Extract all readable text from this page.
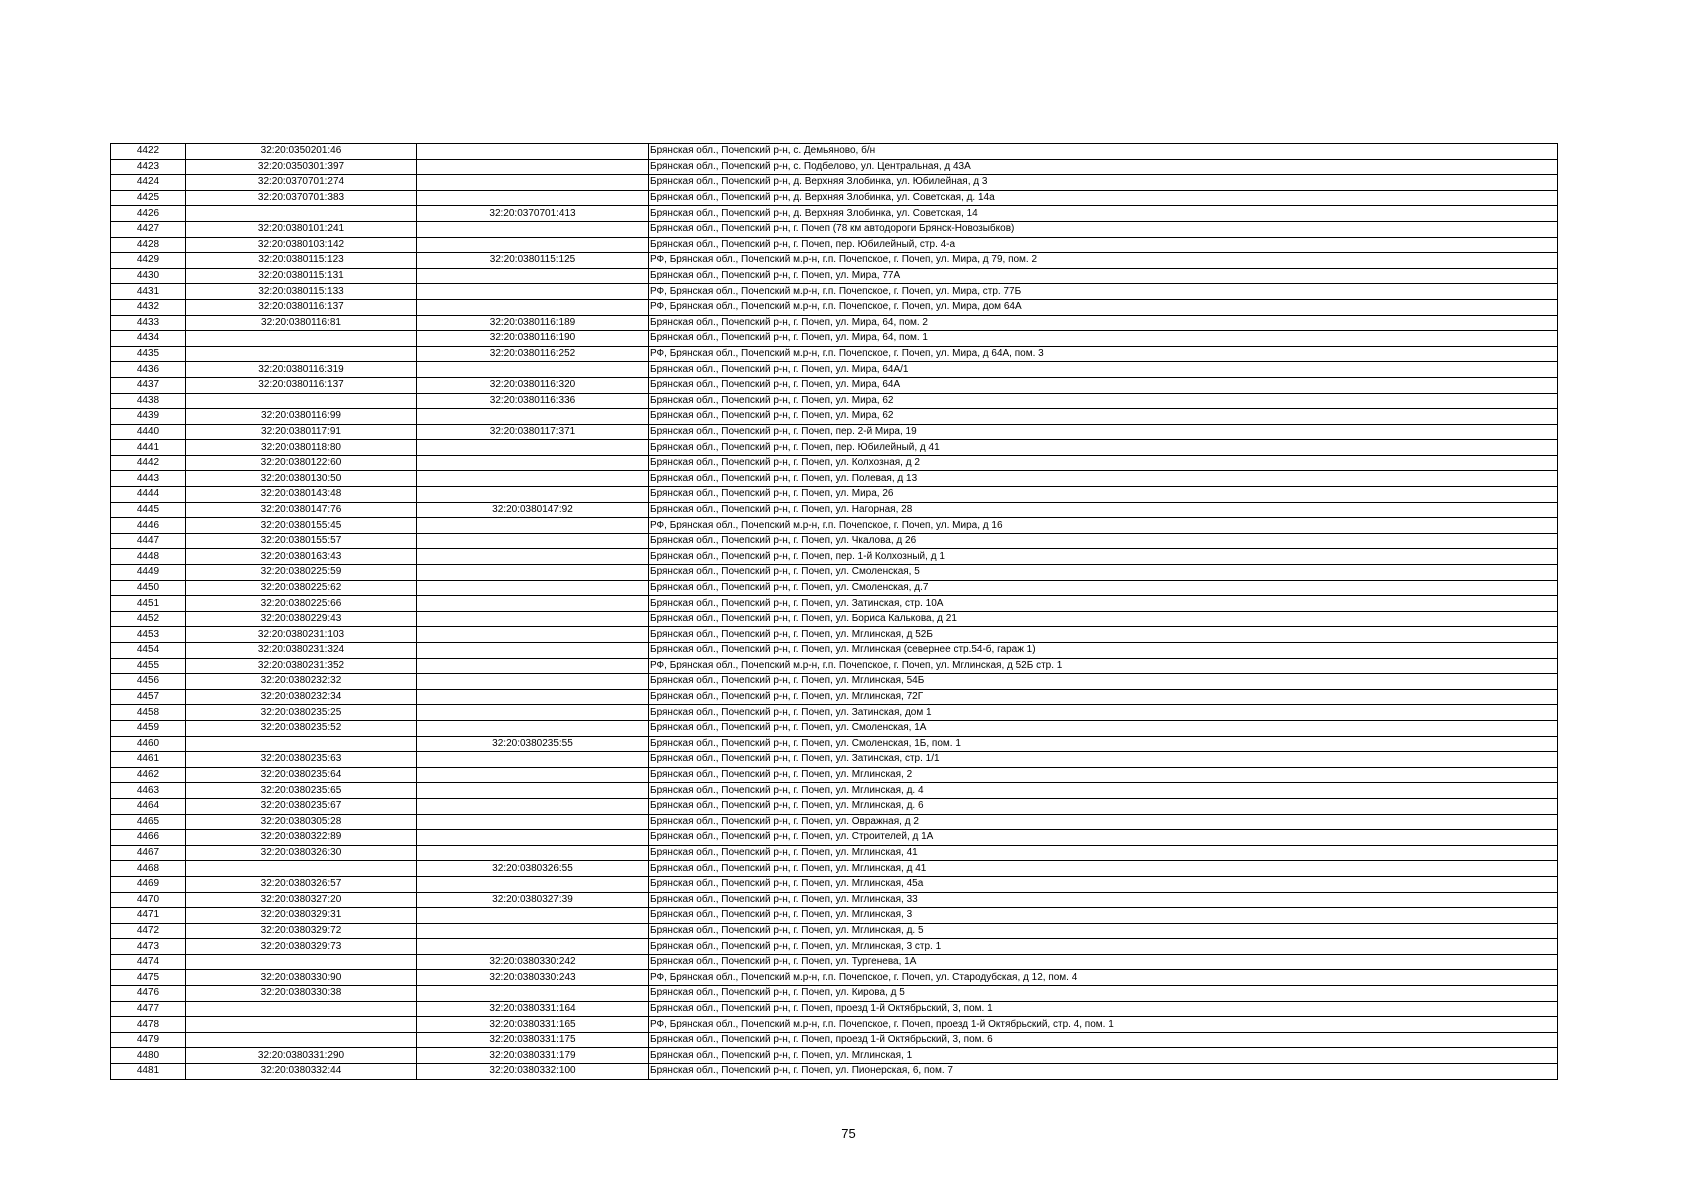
4422	32:20:0350201:46		Брянская обл., Почепский р-н, с. Демьяново, б/н
4423	32:20:0350301:397		Брянская обл., Почепский р-н, с. Подбелово, ул. Центральная, д 43А
4424	32:20:0370701:274		Брянская обл., Почепский р-н, д. Верхняя Злобинка, ул. Юбилейная, д 3
4425	32:20:0370701:383		Брянская обл., Почепский р-н, д. Верхняя Злобинка, ул. Советская, д. 14а
4426		32:20:0370701:413	Брянская обл., Почепский р-н, д. Верхняя Злобинка, ул. Советская, 14
4427	32:20:0380101:241		Брянская обл., Почепский р-н, г. Почеп (78 км автодороги Брянск-Новозыбков)
4428	32:20:0380103:142		Брянская обл., Почепский р-н, г. Почеп, пер. Юбилейный, стр. 4-а
4429	32:20:0380115:123	32:20:0380115:125	РФ, Брянская обл., Почепский м.р-н, г.п. Почепское, г. Почеп, ул. Мира, д 79, пом. 2
4430	32:20:0380115:131		Брянская обл., Почепский р-н, г. Почеп, ул. Мира, 77А
4431	32:20:0380115:133		РФ, Брянская обл., Почепский м.р-н, г.п. Почепское, г. Почеп, ул. Мира, стр. 77Б
4432	32:20:0380116:137		РФ, Брянская обл., Почепский м.р-н, г.п. Почепское, г. Почеп, ул. Мира, дом 64А
4433	32:20:0380116:81	32:20:0380116:189	Брянская обл., Почепский р-н, г. Почеп, ул. Мира, 64, пом. 2
4434		32:20:0380116:190	Брянская обл., Почепский р-н, г. Почеп, ул. Мира, 64, пом. 1
4435		32:20:0380116:252	РФ, Брянская обл., Почепский м.р-н, г.п. Почепское, г. Почеп, ул. Мира, д 64А, пом. 3
4436	32:20:0380116:319		Брянская обл., Почепский р-н, г. Почеп, ул. Мира, 64А/1
4437	32:20:0380116:137	32:20:0380116:320	Брянская обл., Почепский р-н, г. Почеп, ул. Мира, 64А
4438		32:20:0380116:336	Брянская обл., Почепский р-н, г. Почеп, ул. Мира, 62
4439	32:20:0380116:99		Брянская обл., Почепский р-н, г. Почеп, ул. Мира, 62
4440	32:20:0380117:91	32:20:0380117:371	Брянская обл., Почепский р-н, г. Почеп, пер. 2-й Мира, 19
4441	32:20:0380118:80		Брянская обл., Почепский р-н, г. Почеп, пер. Юбилейный, д 41
4442	32:20:0380122:60		Брянская обл., Почепский р-н, г. Почеп, ул. Колхозная, д 2
4443	32:20:0380130:50		Брянская обл., Почепский р-н, г. Почеп, ул. Полевая, д 13
4444	32:20:0380143:48		Брянская обл., Почепский р-н, г. Почеп, ул. Мира, 26
4445	32:20:0380147:76	32:20:0380147:92	Брянская обл., Почепский р-н, г. Почеп, ул. Нагорная, 28
4446	32:20:0380155:45		РФ, Брянская обл., Почепский м.р-н, г.п. Почепское, г. Почеп, ул. Мира, д 16
4447	32:20:0380155:57		Брянская обл., Почепский р-н, г. Почеп, ул. Чкалова, д 26
4448	32:20:0380163:43		Брянская обл., Почепский р-н, г. Почеп, пер. 1-й Колхозный, д 1
4449	32:20:0380225:59		Брянская обл., Почепский р-н, г. Почеп, ул. Смоленская, 5
4450	32:20:0380225:62		Брянская обл., Почепский р-н, г. Почеп, ул. Смоленская, д.7
4451	32:20:0380225:66		Брянская обл., Почепский р-н, г. Почеп, ул. Затинская, стр. 10А
4452	32:20:0380229:43		Брянская обл., Почепский р-н, г. Почеп, ул. Бориса Калькова, д 21
4453	32:20:0380231:103		Брянская обл., Почепский р-н, г. Почеп, ул. Мглинская, д 52Б
4454	32:20:0380231:324		Брянская обл., Почепский р-н, г. Почеп, ул. Мглинская (севернее стр.54-б, гараж 1)
4455	32:20:0380231:352		РФ, Брянская обл., Почепский м.р-н, г.п. Почепское, г. Почеп, ул. Мглинская, д 52Б стр. 1
4456	32:20:0380232:32		Брянская обл., Почепский р-н, г. Почеп, ул. Мглинская, 54Б
4457	32:20:0380232:34		Брянская обл., Почепский р-н, г. Почеп, ул. Мглинская, 72Г
4458	32:20:0380235:25		Брянская обл., Почепский р-н, г. Почеп, ул. Затинская, дом 1
4459	32:20:0380235:52		Брянская обл., Почепский р-н, г. Почеп, ул. Смоленская, 1А
4460		32:20:0380235:55	Брянская обл., Почепский р-н, г. Почеп, ул. Смоленская, 1Б, пом. 1
4461	32:20:0380235:63		Брянская обл., Почепский р-н, г. Почеп, ул. Затинская, стр. 1/1
4462	32:20:0380235:64		Брянская обл., Почепский р-н, г. Почеп, ул. Мглинская, 2
4463	32:20:0380235:65		Брянская обл., Почепский р-н, г. Почеп, ул. Мглинская, д. 4
4464	32:20:0380235:67		Брянская обл., Почепский р-н, г. Почеп, ул. Мглинская, д. 6
4465	32:20:0380305:28		Брянская обл., Почепский р-н, г. Почеп, ул. Овражная, д 2
4466	32:20:0380322:89		Брянская обл., Почепский р-н, г. Почеп, ул. Строителей, д 1А
4467	32:20:0380326:30		Брянская обл., Почепский р-н, г. Почеп, ул. Мглинская, 41
4468		32:20:0380326:55	Брянская обл., Почепский р-н, г. Почеп, ул. Мглинская, д 41
4469	32:20:0380326:57		Брянская обл., Почепский р-н, г. Почеп, ул. Мглинская, 45а
4470	32:20:0380327:20	32:20:0380327:39	Брянская обл., Почепский р-н, г. Почеп, ул. Мглинская, 33
4471	32:20:0380329:31		Брянская обл., Почепский р-н, г. Почеп, ул. Мглинская, 3
4472	32:20:0380329:72		Брянская обл., Почепский р-н, г. Почеп, ул. Мглинская, д. 5
4473	32:20:0380329:73		Брянская обл., Почепский р-н, г. Почеп, ул. Мглинская, 3 стр. 1
4474		32:20:0380330:242	Брянская обл., Почепский р-н, г. Почеп, ул. Тургенева, 1А
4475	32:20:0380330:90	32:20:0380330:243	РФ, Брянская обл., Почепский м.р-н, г.п. Почепское, г. Почеп, ул. Стародубская, д 12, пом. 4
4476	32:20:0380330:38		Брянская обл., Почепский р-н, г. Почеп, ул. Кирова, д 5
4477		32:20:0380331:164	Брянская обл., Почепский р-н, г. Почеп, проезд 1-й Октябрьский, 3, пом. 1
4478		32:20:0380331:165	РФ, Брянская обл., Почепский м.р-н, г.п. Почепское, г. Почеп, проезд 1-й Октябрьский, стр. 4, пом. 1
4479		32:20:0380331:175	Брянская обл., Почепский р-н, г. Почеп, проезд 1-й Октябрьский, 3, пом. 6
4480	32:20:0380331:290	32:20:0380331:179	Брянская обл., Почепский р-н, г. Почеп, ул. Мглинская, 1
4481	32:20:0380332:44	32:20:0380332:100	Брянская обл., Почепский р-н, г. Почеп, ул. Пионерская, 6, пом. 7
75
